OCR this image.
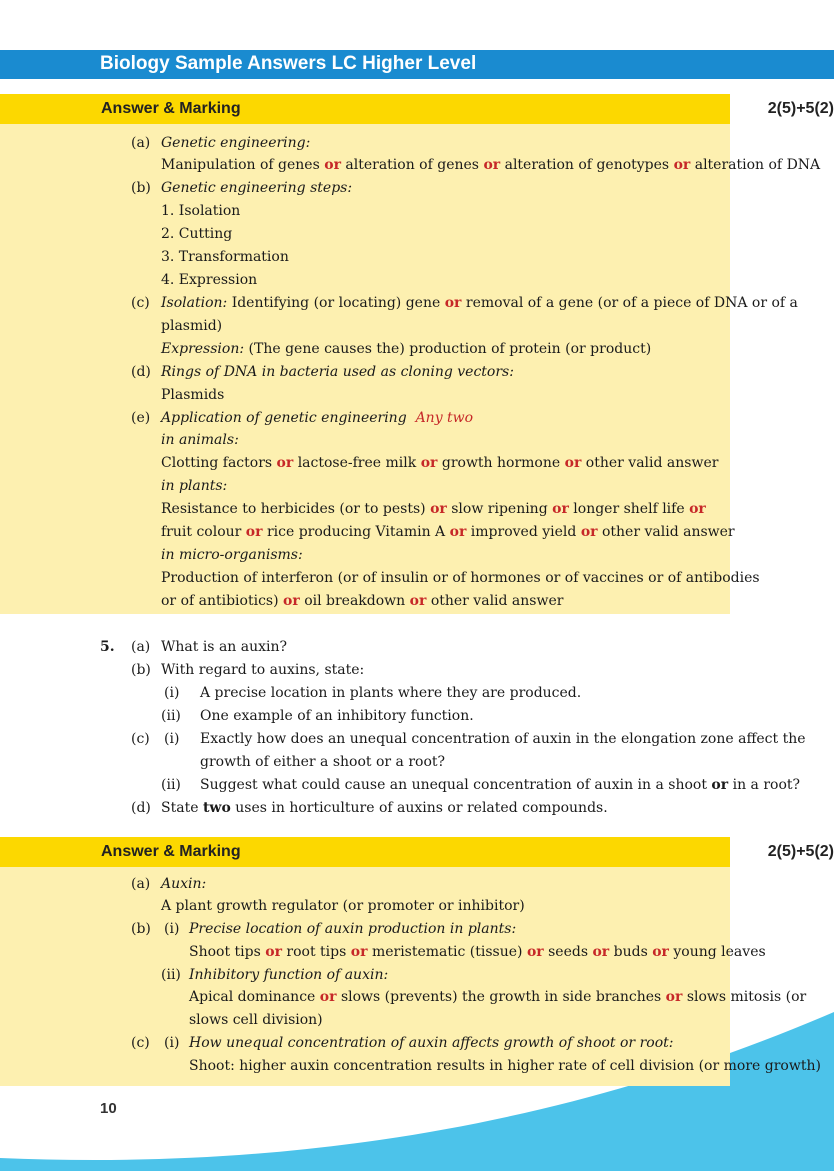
Biology Sample Answers LC Higher Level
Answer & Marking	2(5)+5(2)
(a) Genetic engineering:
Manipulation of genes or alteration of genes or alteration of genotypes or alteration of DNA
(b) Genetic engineering steps:
1. Isolation
2. Cutting
3. Transformation
4. Expression
(c) Isolation: Identifying (or locating) gene or removal of a gene (or of a piece of DNA or of a
plasmid)
Expression: (The gene causes the) production of protein (or product)
(d) Rings of DNA in bacteria used as cloning vectors:
Plasmids
(e) Application of genetic engineering Any two
in animals:
Clotting factors or lactose-free milk or growth hormone or other valid answer
in plants:
Resistance to herbicides (or to pests) or slow ripening or longer shelf life or
fruit colour or rice producing Vitamin A or improved yield or other valid answer
in micro-organisms:
Production of interferon (or of insulin or of hormones or of vaccines or of antibodies
or of antibiotics) or oil breakdown or other valid answer
5. (a) What is an auxin?
(b) With regard to auxins, state:
(i) A precise location in plants where they are produced.
(ii) One example of an inhibitory function.
(c) (i) Exactly how does an unequal concentration of auxin in the elongation zone affect the
growth of either a shoot or a root?
(ii) Suggest what could cause an unequal concentration of auxin in a shoot or in a root?
(d) State two uses in horticulture of auxins or related compounds.
Answer & Marking	2(5)+5(2)
(a) Auxin:
A plant growth regulator (or promoter or inhibitor)
(b) (i) Precise location of auxin production in plants:
Shoot tips or root tips or meristematic (tissue) or seeds or buds or young leaves
(ii) Inhibitory function of auxin:
Apical dominance or slows (prevents) the growth in side branches or slows mitosis (or
slows cell division)
(c) (i) How unequal concentration of auxin affects growth of shoot or root:
Shoot: higher auxin concentration results in higher rate of cell division (or more growth)
10
